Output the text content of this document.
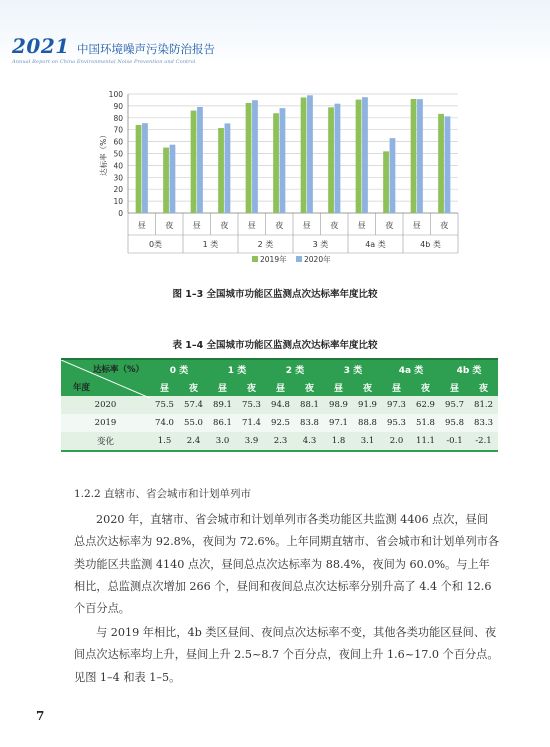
2021 中国环境噪声污染防治报告
Annual Report on China Environmental Noise Prevention and Control
0
10
20
30
40
50
60
70
80
90
100
达标率（%）
昼 夜 昼 夜 昼 夜 昼 夜 昼 夜 昼 夜
0类	1 类	2 类	3 类	4a 类	4b 类
2019年 2020年
图 1–3 全国城市功能区监测点次达标率年度比较
表 1–4 全国城市功能区监测点次达标率年度比较
达标率（%）
年度	0 类		1 类		2 类		3 类		4a 类		4b 类	
	昼	夜	昼	夜	昼	夜	昼	夜	昼	夜	昼	夜
2020	75.5	57.4	89.1	75.3	94.8	88.1	98.9	91.9	97.3	62.9	95.7	81.2
2019	74.0	55.0	86.1	71.4	92.5	83.8	97.1	88.8	95.3	51.8	95.8	83.3
变化	1.5	2.4	3.0	3.9	2.3	4.3	1.8	3.1	2.0	11.1	-0.1	-2.1
1.2.2 直辖市、省会城市和计划单列市
2020 年，直辖市、省会城市和计划单列市各类功能区共监测 4406 点次，昼间总点次达标率为 92.8%，夜间为 72.6%。上年同期直辖市、省会城市和计划单列市各类功能区共监测 4140 点次，昼间总点次达标率为 88.4%，夜间为 60.0%。与上年相比，总监测点次增加 266 个，昼间和夜间总点次达标率分别升高了 4.4 个和 12.6 个百分点。
与 2019 年相比，4b 类区昼间、夜间点次达标率不变，其他各类功能区昼间、夜间点次达标率均上升，昼间上升 2.5~8.7 个百分点，夜间上升 1.6~17.0 个百分点。见图 1–4 和表 1–5。
7
